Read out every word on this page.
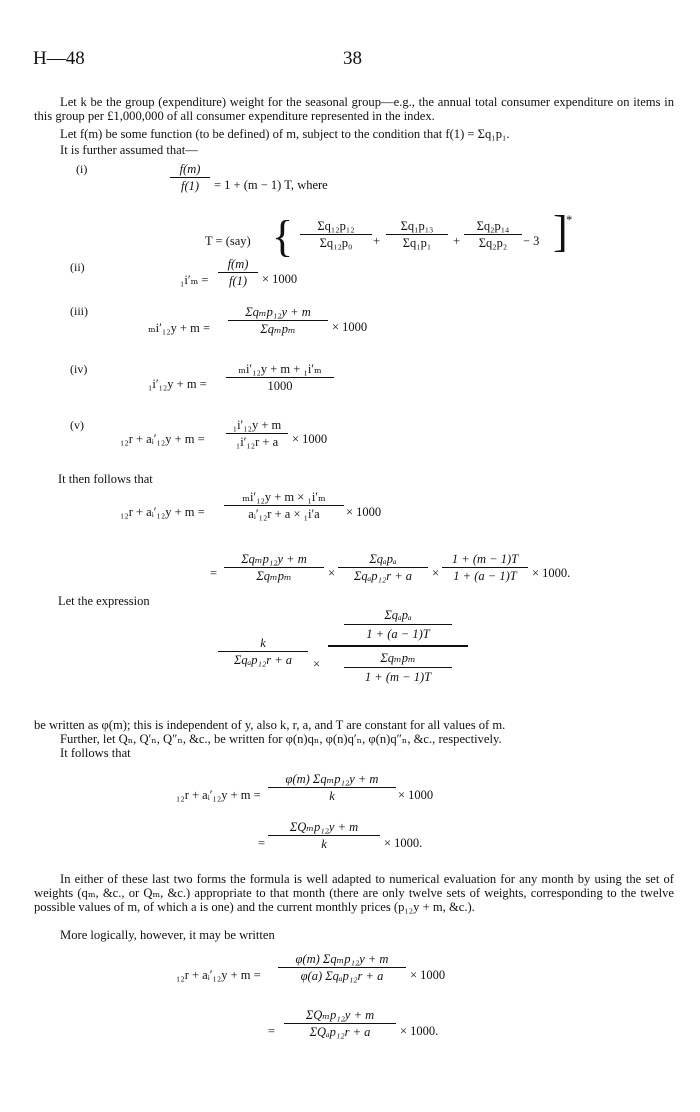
H—48	38
Let k be the group (expenditure) weight for the seasonal group—e.g., the annual total consumer expenditure on items in this group per £1,000,000 of all consumer expenditure represented in the index.
Let f(m) be some function (to be defined) of m, subject to the condition that f(1) = Σq₁p₁.
It is further assumed that—
(i)	f(m)
f(1)	= 1 + (m − 1) T, where
T = (say) {	Σq₁₂p₁₂
Σq₁₂p₀	+
Σq₁p₁₃
Σq₁p₁	+
Σq₂p₁₄
Σq₂p₂	− 3 ]
*
(ii)
₁i′ₘ =
f(m)
f(1)	× 1000
(iii)
ₘi′₁₂y + m =
Σqₘp₁₂y + m
Σqₘpₘ	× 1000
(iv)
₁i′₁₂y + m =
ₘi′₁₂y + m + ₁i′ₘ
1000
(v)
₁₂r + aᵢ′₁₂y + m =
₁i′₁₂y + m
₁i′₁₂r + a	× 1000
It then follows that
₁₂r + aᵢ′₁₂y + m =
ₘi′₁₂y + m × ₁i′ₘ
aᵢ′₁₂r + a × ₁i′a	× 1000
=
Σqₘp₁₂y + m
Σqₘpₘ	×
Σqₐpₐ
Σqₐp₁₂r + a	×
1 + (m − 1)T
1 + (a − 1)T	× 1000.
Let the expression
k
Σqₐp₁₂r + a	×
Σqₐpₐ
1 + (a − 1)T
Σqₘpₘ
1 + (m − 1)T
be written as φ(m); this is independent of y, also k, r, a, and T are constant for all values of m.
Further, let Qₙ, Q′ₙ, Q″ₙ, &c., be written for φ(n)qₙ, φ(n)q′ₙ, φ(n)q″ₙ, &c., respectively.
It follows that
₁₂r + aᵢ′₁₂y + m =
φ(m) Σqₘp₁₂y + m
k	× 1000
=
ΣQₘp₁₂y + m
k	× 1000.
In either of these last two forms the formula is well adapted to numerical evaluation for any month by using the set of weights (qₘ, &c., or Qₘ, &c.) appropriate to that month (there are only twelve sets of weights, corresponding to the twelve possible values of m, of which a is one) and the current monthly prices (p₁₂y + m, &c.).
More logically, however, it may be written
₁₂r + aᵢ′₁₂y + m =
φ(m) Σqₘp₁₂y + m
φ(a) Σqₐp₁₂r + a	× 1000
=
ΣQₘp₁₂y + m
ΣQₐp₁₂r + a	× 1000.
